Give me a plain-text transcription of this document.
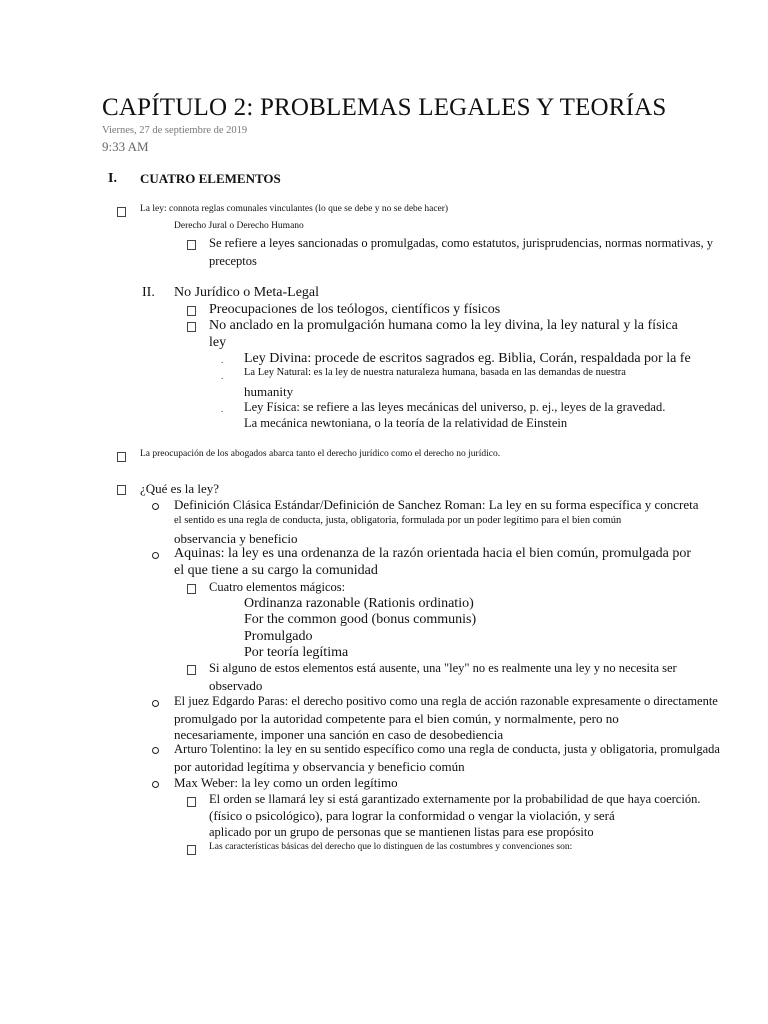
CAPÍTULO 2: PROBLEMAS LEGALES Y TEORÍAS
Viernes, 27 de septiembre de 2019
9:33 AM
I. CUATRO ELEMENTOS
La ley: connota reglas comunales vinculantes (lo que se debe y no se debe hacer)
Derecho Jural o Derecho Humano
Se refiere a leyes sancionadas o promulgadas, como estatutos, jurisprudencias, normas normativas, y
preceptos
II. No Jurídico o Meta-Legal
Preocupaciones de los teólogos, científicos y físicos
No anclado en la promulgación humana como la ley divina, la ley natural y la física
ley
. Ley Divina: procede de escritos sagrados eg. Biblia, Corán, respaldada por la fe
. La Ley Natural: es la ley de nuestra naturaleza humana, basada en las demandas de nuestra
humanity
. Ley Física: se refiere a las leyes mecánicas del universo, p. ej., leyes de la gravedad.
La mecánica newtoniana, o la teoría de la relatividad de Einstein
La preocupación de los abogados abarca tanto el derecho jurídico como el derecho no jurídico.
¿Qué es la ley?
Definición Clásica Estándar/Definición de Sanchez Roman: La ley en su forma específica y concreta
el sentido es una regla de conducta, justa, obligatoria, formulada por un poder legítimo para el bien común
observancia y beneficio
Aquinas: la ley es una ordenanza de la razón orientada hacia el bien común, promulgada por
el que tiene a su cargo la comunidad
Cuatro elementos mágicos:
Ordinanza razonable (Rationis ordinatio)
For the common good (bonus communis)
Promulgado
Por teoría legítima
Si alguno de estos elementos está ausente, una "ley" no es realmente una ley y no necesita ser
observado
El juez Edgardo Paras: el derecho positivo como una regla de acción razonable expresamente o directamente
promulgado por la autoridad competente para el bien común, y normalmente, pero no
necesariamente, imponer una sanción en caso de desobediencia
Arturo Tolentino: la ley en su sentido específico como una regla de conducta, justa y obligatoria, promulgada
por autoridad legítima y observancia y beneficio común
Max Weber: la ley como un orden legítimo
El orden se llamará ley si está garantizado externamente por la probabilidad de que haya coerción.
(físico o psicológico), para lograr la conformidad o vengar la violación, y será
aplicado por un grupo de personas que se mantienen listas para ese propósito
Las características básicas del derecho que lo distinguen de las costumbres y convenciones son:
